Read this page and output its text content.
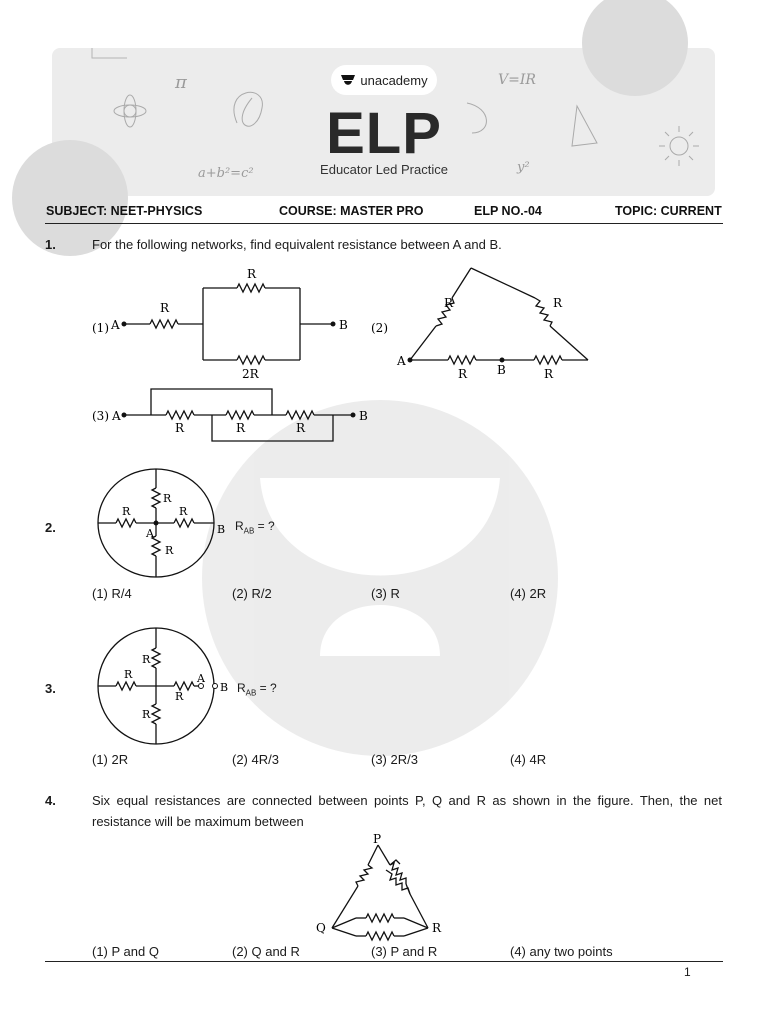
π	V=IR
a+b²=c²	y²
unacademy
ELP
Educator Led Practice
SUBJECT: NEET-PHYSICS	COURSE: MASTER PRO	ELP NO.-04	TOPIC: CURRENT
1.	For the following networks, find equivalent resistance between A and B.
(1) A	B
R
R
2R
(2)
A
B
R	R
R	R
(3) A	B
R	R	R
2.
R	R
R
R
A	B $R_{AB}$ = ?
(1) R/4	(2) R/2	(3) R	(4) 2R
3.
R
R
R
R
A
B $R_{AB}$ = ?
(1) 2R	(2) 4R/3	(3) 2R/3	(4) 4R
4.	Six equal resistances are connected between points P, Q and R as shown in the figure. Then, the net resistance will be maximum between
P
Q	R
(1) P and Q	(2) Q and R	(3) P and R	(4) any two points
1
